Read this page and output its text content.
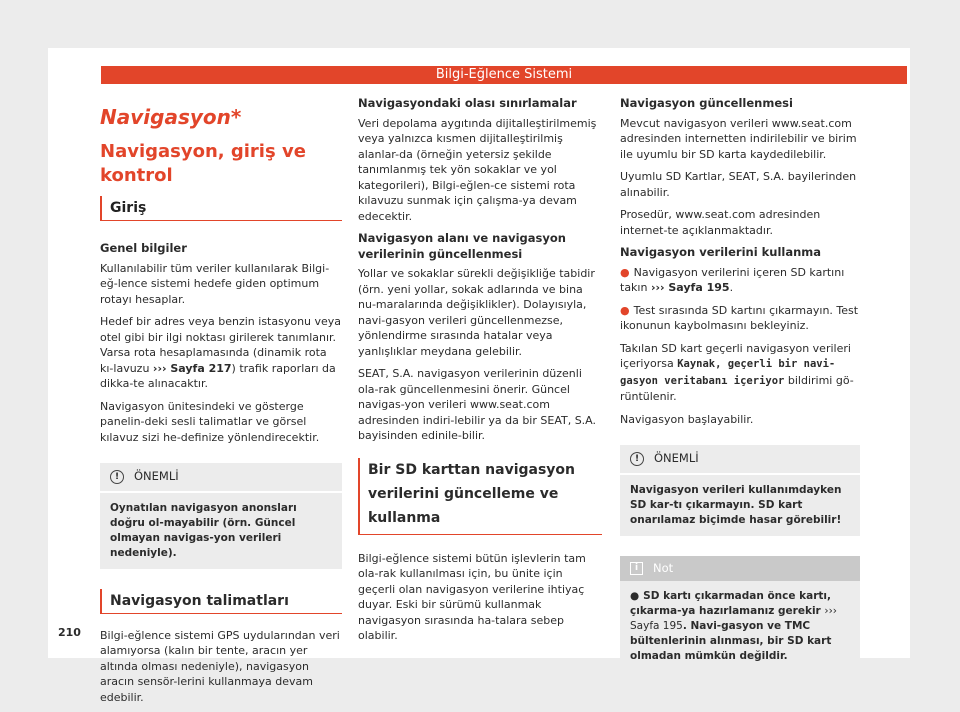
Bilgi-Eğlence Sistemi
Navigasyon*
Navigasyon, giriş ve kontrol
Giriş
Genel bilgiler

Kullanılabilir tüm veriler kullanılarak Bilgi-eğ-lence sistemi hedefe giden optimum rotayı hesaplar.

Hedef bir adres veya benzin istasyonu veya otel gibi bir ilgi noktası girilerek tanımlanır. Varsa rota hesaplamasında (dinamik rota kı-lavuzu ››› Sayfa 217) trafik raporları da dikka-te alınacaktır.

Navigasyon ünitesindeki ve gösterge panelin-deki sesli talimatlar ve görsel kılavuz sizi he-definize yönlendirecektir.

!	ÖNEMLİ
Oynatılan navigasyon anonsları doğru ol-mayabilir (örn. Güncel olmayan navigas-yon verileri nedeniyle).
Navigasyon talimatları

Bilgi-eğlence sistemi GPS uydularından veri alamıyorsa (kalın bir tente, aracın yer altında olması nedeniyle), navigasyon aracın sensör-lerini kullanmaya devam edebilir.

Navigasyondaki olası sınırlamalar

Veri depolama aygıtında dijitalleştirilmemiş veya yalnızca kısmen dijitalleştirilmiş alanlar-da (örneğin yetersiz şekilde tanımlanmış tek yön sokaklar ve yol kategorileri), Bilgi-eğlen-ce sistemi rota kılavuzu sunmak için çalışma-ya devam edecektir.

Navigasyon alanı ve navigasyon verilerinin güncellenmesi

Yollar ve sokaklar sürekli değişikliğe tabidir (örn. yeni yollar, sokak adlarında ve bina nu-maralarında değişiklikler). Dolayısıyla, navi-gasyon verileri güncellenmezse, yönlendirme sırasında hatalar veya yanlışlıklar meydana gelebilir.

SEAT, S.A. navigasyon verilerinin düzenli ola-rak güncellenmesini önerir. Güncel navigas-yon verileri www.seat.com adresinden indiri-lebilir ya da bir SEAT, S.A. bayisinden edinile-bilir.

Bir SD karttan navigasyon verilerini güncelleme ve kullanma

Bilgi-eğlence sistemi bütün işlevlerin tam ola-rak kullanılması için, bu ünite için geçerli olan navigasyon verilerine ihtiyaç duyar. Eski bir sürümü kullanmak navigasyon sırasında ha-talara sebep olabilir.

Navigasyon güncellenmesi

Mevcut navigasyon verileri www.seat.com adresinden internetten indirilebilir ve birim ile uyumlu bir SD karta kaydedilebilir.

Uyumlu SD Kartlar, SEAT, S.A. bayilerinden alınabilir.

Prosedür, www.seat.com adresinden internet-te açıklanmaktadır.

Navigasyon verilerini kullanma

● Navigasyon verilerini içeren SD kartını takın ››› Sayfa 195.

● Test sırasında SD kartını çıkarmayın. Test ikonunun kaybolmasını bekleyiniz.

Takılan SD kart geçerli navigasyon verileri içeriyorsa Kaynak, geçerli bir navi-gasyon veritabanı içeriyor bildirimi gö-rüntülenir.

Navigasyon başlayabilir.

!	ÖNEMLİ
Navigasyon verileri kullanımdayken SD kar-tı çıkarmayın. SD kart onarılamaz biçimde hasar görebilir!
i	Not
● SD kartı çıkarmadan önce kartı, çıkarma-ya hazırlamanız gerekir ››› Sayfa 195. Navi-gasyon ve TMC bültenlerinin alınması, bir SD kart olmadan mümkün değildir.
210
